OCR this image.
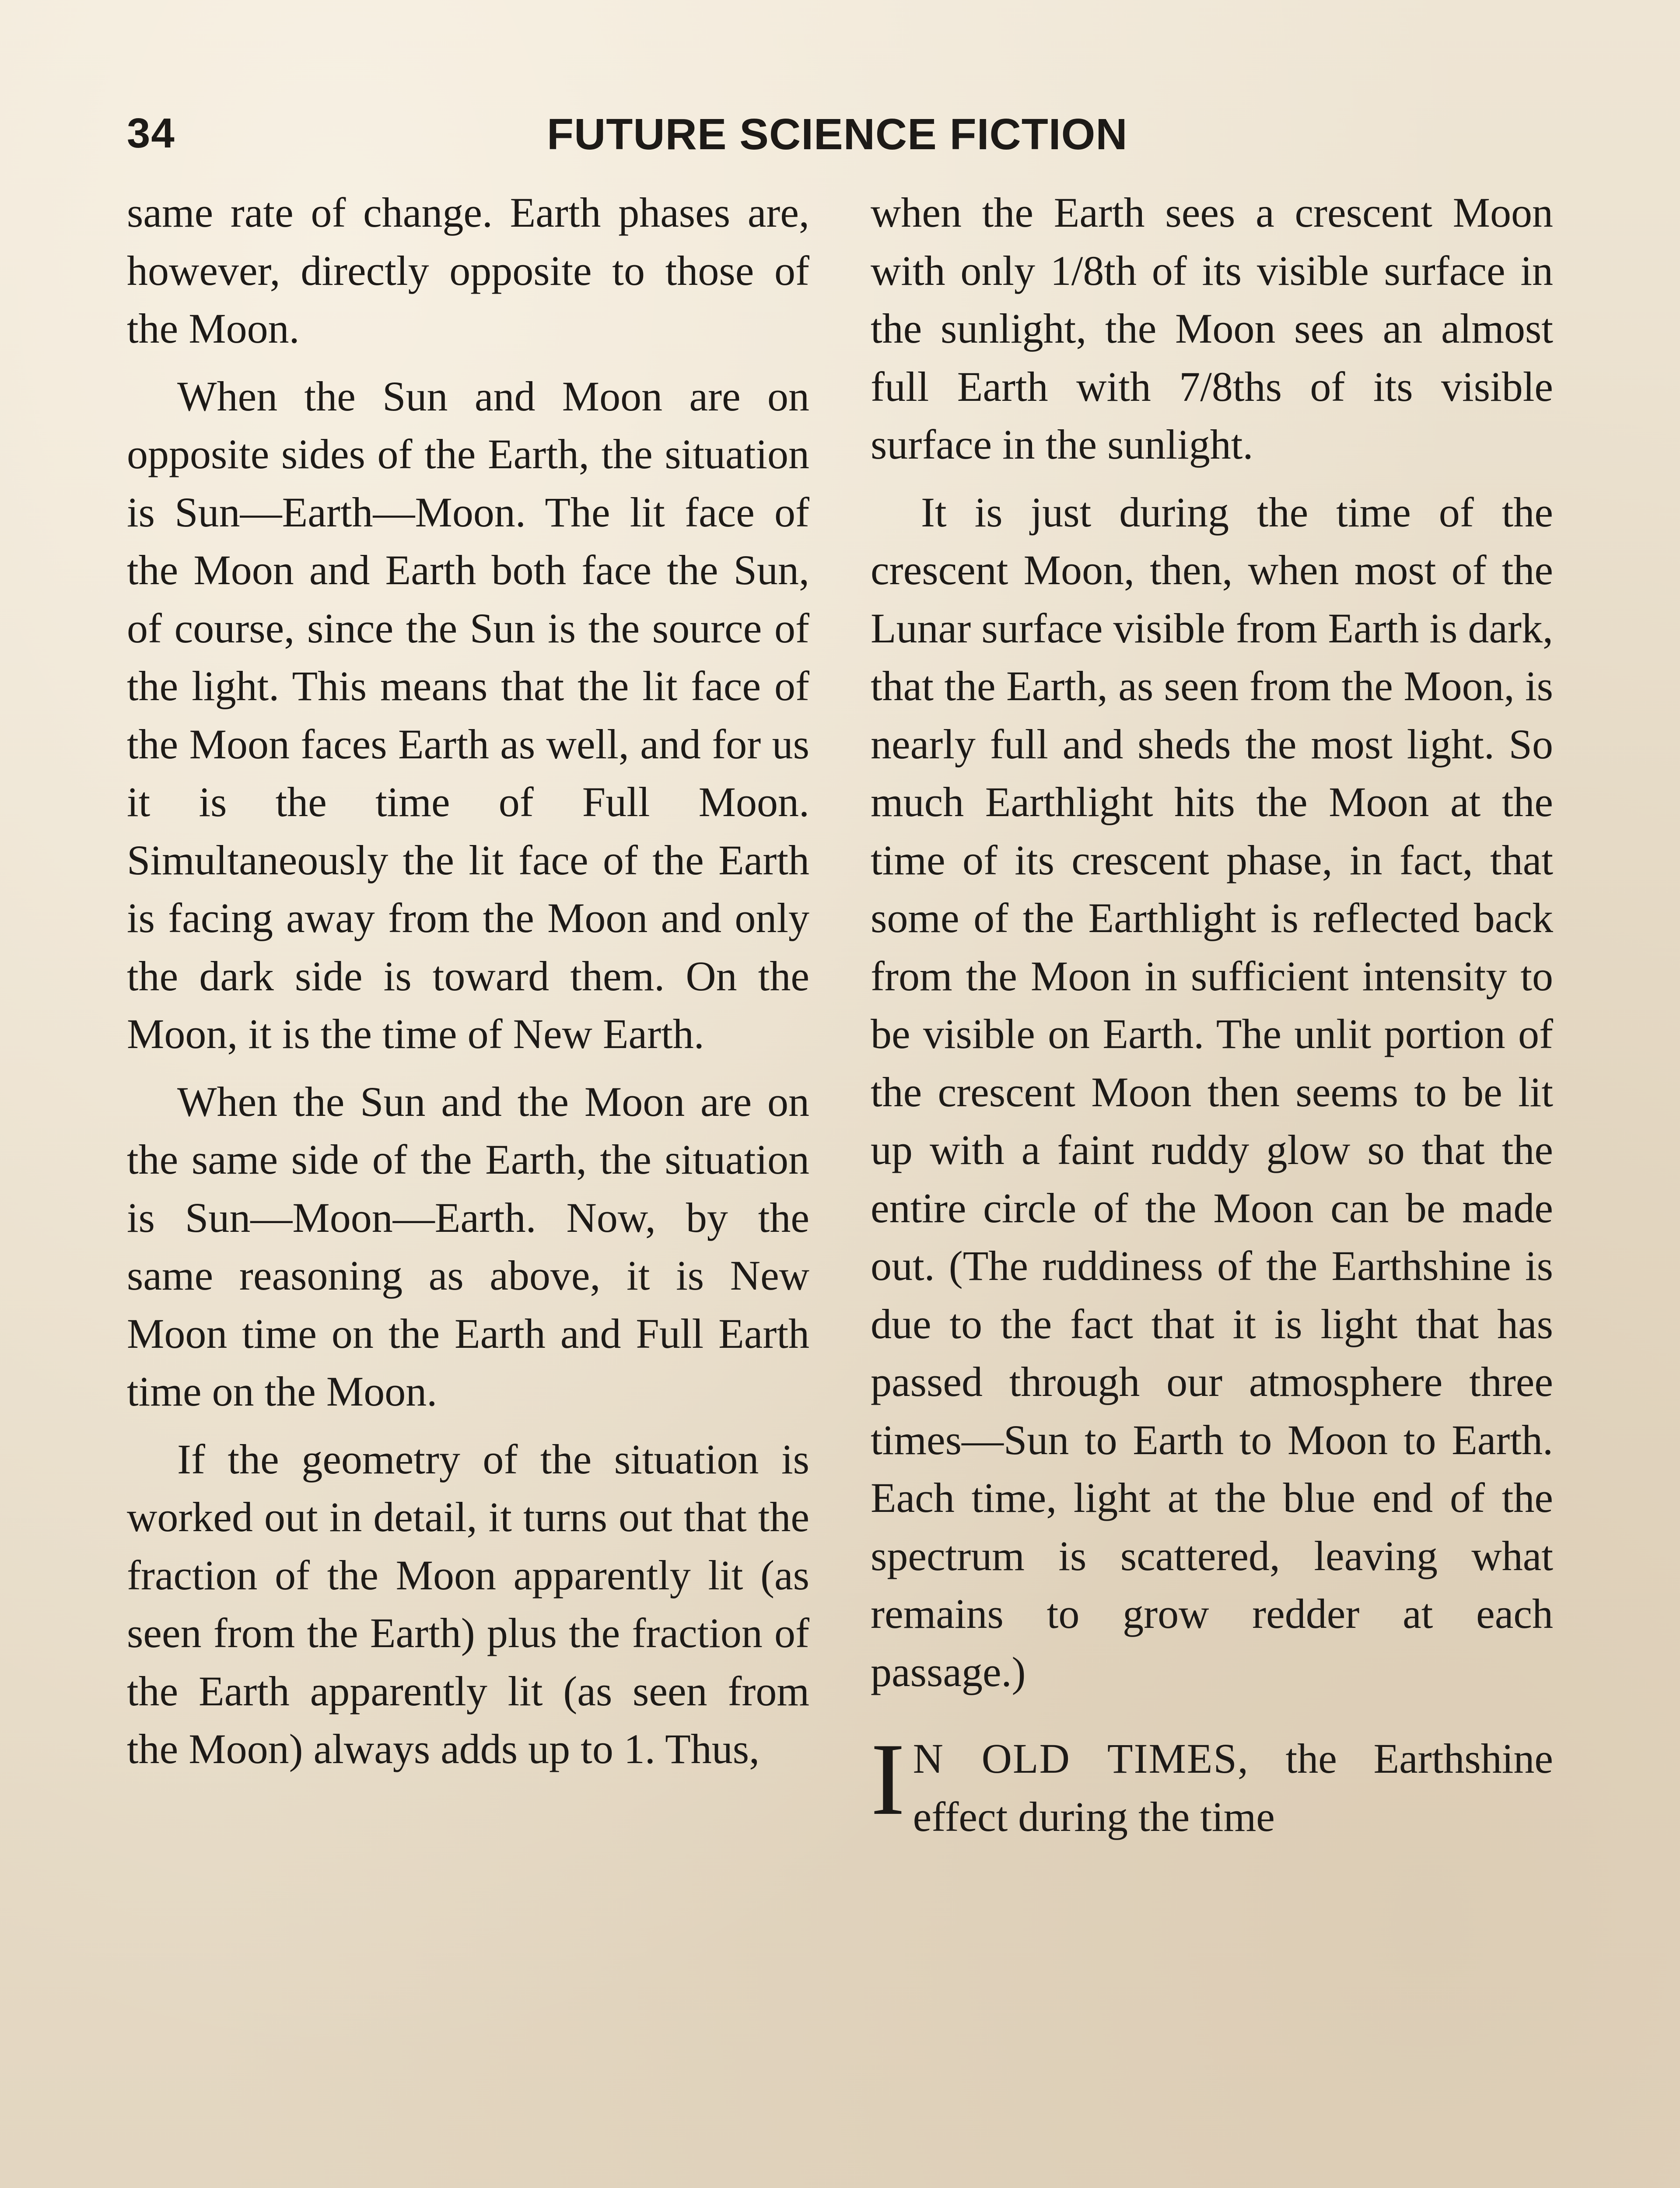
34	FUTURE SCIENCE FICTION

same rate of change. Earth phases are, however, directly opposite to those of the Moon.

When the Sun and Moon are on opposite sides of the Earth, the situation is Sun—Earth—Moon. The lit face of the Moon and Earth both face the Sun, of course, since the Sun is the source of the light. This means that the lit face of the Moon faces Earth as well, and for us it is the time of Full Moon. Simultaneously the lit face of the Earth is facing away from the Moon and only the dark side is toward them. On the Moon, it is the time of New Earth.

When the Sun and the Moon are on the same side of the Earth, the situation is Sun—Moon—Earth. Now, by the same reasoning as above, it is New Moon time on the Earth and Full Earth time on the Moon.

If the geometry of the situation is worked out in detail, it turns out that the fraction of the Moon apparently lit (as seen from the Earth) plus the fraction of the Earth apparently lit (as seen from the Moon) always adds up to 1. Thus,

when the Earth sees a crescent Moon with only 1/8th of its visible surface in the sunlight, the Moon sees an almost full Earth with 7/8ths of its visible surface in the sunlight.

It is just during the time of the crescent Moon, then, when most of the Lunar surface visible from Earth is dark, that the Earth, as seen from the Moon, is nearly full and sheds the most light. So much Earthlight hits the Moon at the time of its crescent phase, in fact, that some of the Earthlight is reflected back from the Moon in sufficient intensity to be visible on Earth. The unlit portion of the crescent Moon then seems to be lit up with a faint ruddy glow so that the entire circle of the Moon can be made out. (The ruddiness of the Earthshine is due to the fact that it is light that has passed through our atmosphere three times—Sun to Earth to Moon to Earth. Each time, light at the blue end of the spectrum is scattered, leaving what remains to grow redder at each passage.)

I N OLD TIMES, the Earthshine effect during the time
